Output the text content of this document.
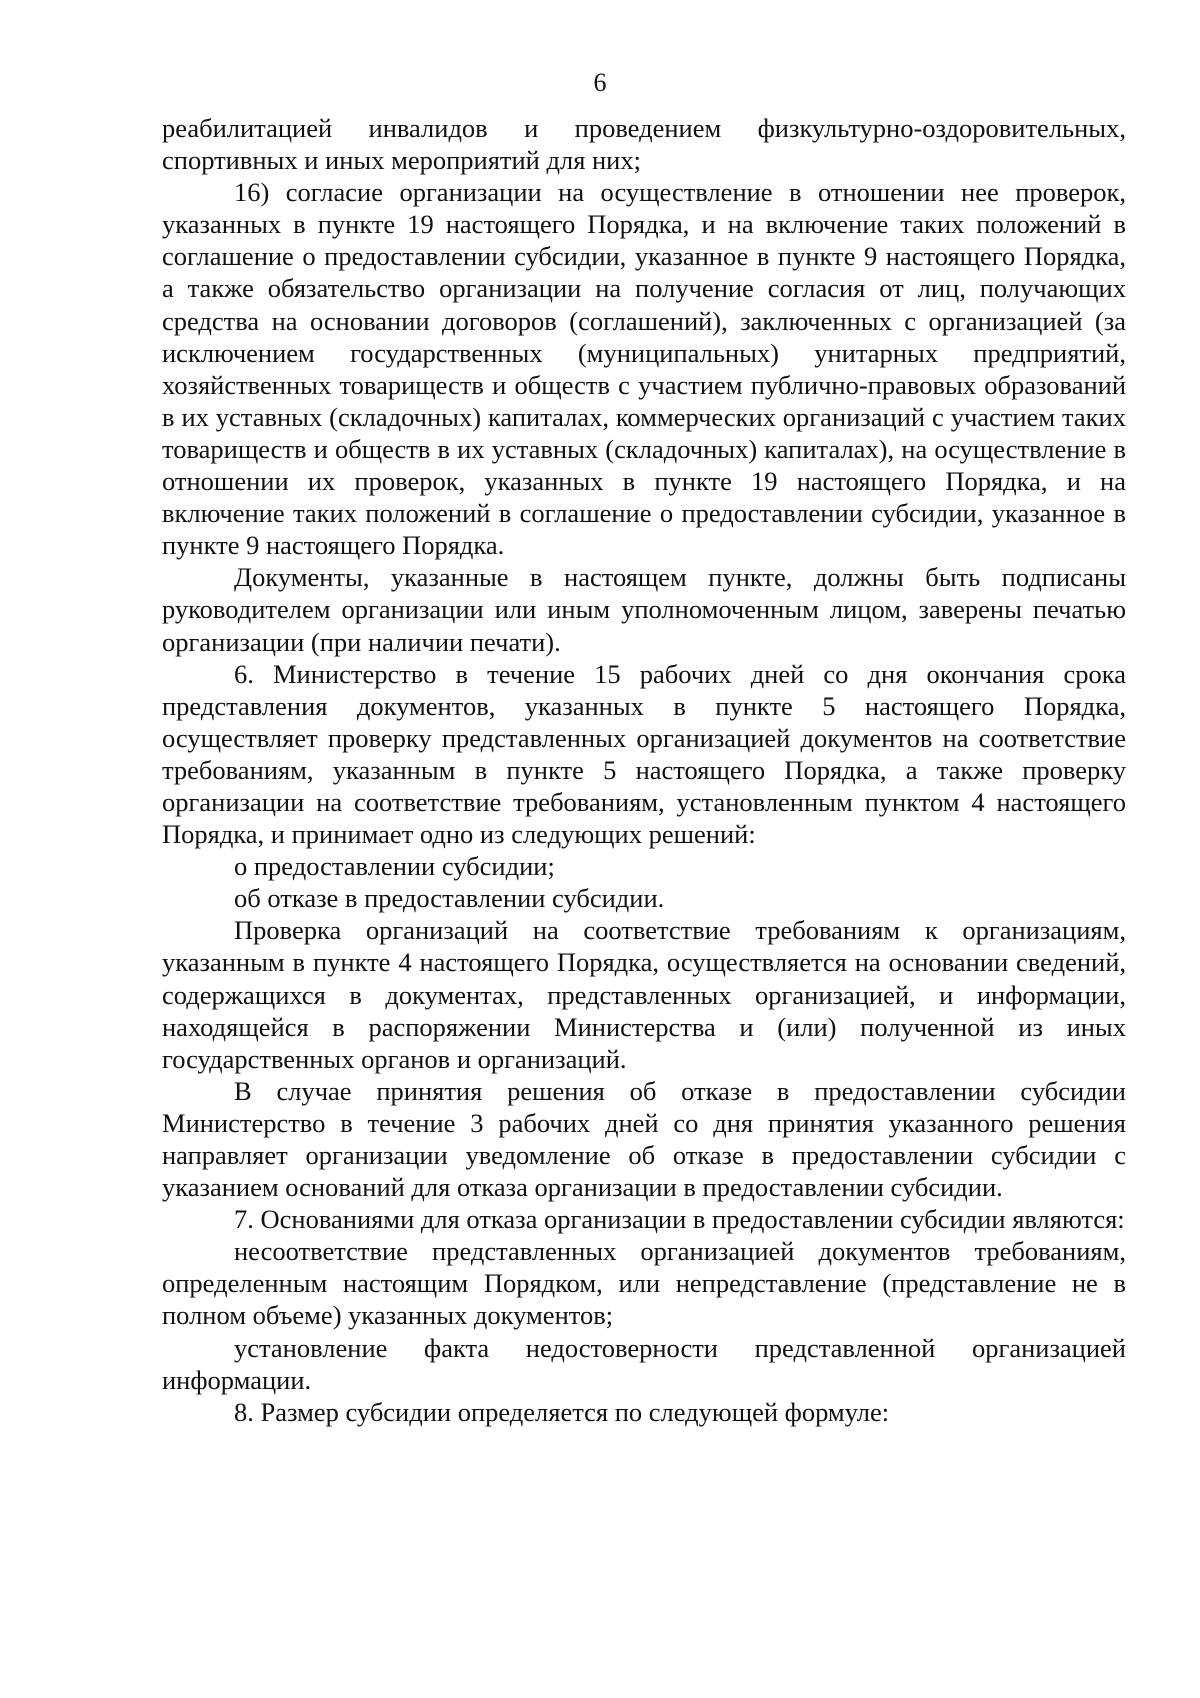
6

реабилитацией инвалидов и проведением физкультурно-оздоровительных, спортивных и иных мероприятий для них;

16) согласие организации на осуществление в отношении нее проверок, указанных в пункте 19 настоящего Порядка, и на включение таких положений в соглашение о предоставлении субсидии, указанное в пункте 9 настоящего Порядка, а также обязательство организации на получение согласия от лиц, получающих средства на основании договоров (соглашений), заключенных с организацией (за исключением государственных (муниципальных) унитарных предприятий, хозяйственных товариществ и обществ с участием публично-правовых образований в их уставных (складочных) капиталах, коммерческих организаций с участием таких товариществ и обществ в их уставных (складочных) капиталах), на осуществление в отношении их проверок, указанных в пункте 19 настоящего Порядка, и на включение таких положений в соглашение о предоставлении субсидии, указанное в пункте 9 настоящего Порядка.

Документы, указанные в настоящем пункте, должны быть подписаны руководителем организации или иным уполномоченным лицом, заверены печатью организации (при наличии печати).

6. Министерство в течение 15 рабочих дней со дня окончания срока представления документов, указанных в пункте 5 настоящего Порядка, осуществляет проверку представленных организацией документов на соответствие требованиям, указанным в пункте 5 настоящего Порядка, а также проверку организации на соответствие требованиям, установленным пунктом 4 настоящего Порядка, и принимает одно из следующих решений:

о предоставлении субсидии;

об отказе в предоставлении субсидии.

Проверка организаций на соответствие требованиям к организациям, указанным в пункте 4 настоящего Порядка, осуществляется на основании сведений, содержащихся в документах, представленных организацией, и информации, находящейся в распоряжении Министерства и (или) полученной из иных государственных органов и организаций.

В случае принятия решения об отказе в предоставлении субсидии Министерство в течение 3 рабочих дней со дня принятия указанного решения направляет организации уведомление об отказе в предоставлении субсидии с указанием оснований для отказа организации в предоставлении субсидии.

7. Основаниями для отказа организации в предоставлении субсидии являются:

несоответствие представленных организацией документов требованиям, определенным настоящим Порядком, или непредставление (представление не в полном объеме) указанных документов;

установление факта недостоверности представленной организацией информации.

8. Размер субсидии определяется по следующей формуле:
